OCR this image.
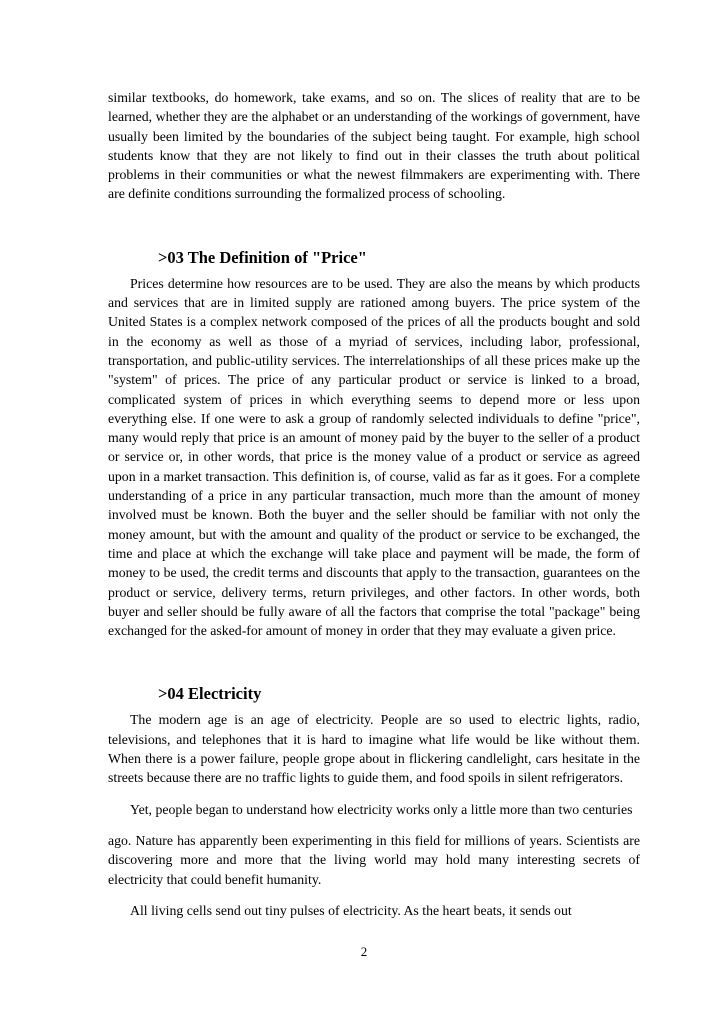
similar textbooks, do homework, take exams, and so on. The slices of reality that are to be learned, whether they are the alphabet or an understanding of the workings of government, have usually been limited by the boundaries of the subject being taught. For example, high school students know that they are not likely to find out in their classes the truth about political problems in their communities or what the newest filmmakers are experimenting with. There are definite conditions surrounding the formalized process of schooling.

>03 The Definition of "Price"

Prices determine how resources are to be used. They are also the means by which products and services that are in limited supply are rationed among buyers. The price system of the United States is a complex network composed of the prices of all the products bought and sold in the economy as well as those of a myriad of services, including labor, professional, transportation, and public-utility services. The interrelationships of all these prices make up the "system" of prices. The price of any particular product or service is linked to a broad, complicated system of prices in which everything seems to depend more or less upon everything else. If one were to ask a group of randomly selected individuals to define "price", many would reply that price is an amount of money paid by the buyer to the seller of a product or service or, in other words, that price is the money value of a product or service as agreed upon in a market transaction. This definition is, of course, valid as far as it goes. For a complete understanding of a price in any particular transaction, much more than the amount of money involved must be known. Both the buyer and the seller should be familiar with not only the money amount, but with the amount and quality of the product or service to be exchanged, the time and place at which the exchange will take place and payment will be made, the form of money to be used, the credit terms and discounts that apply to the transaction, guarantees on the product or service, delivery terms, return privileges, and other factors. In other words, both buyer and seller should be fully aware of all the factors that comprise the total "package" being exchanged for the asked-for amount of money in order that they may evaluate a given price.

>04 Electricity

The modern age is an age of electricity. People are so used to electric lights, radio, televisions, and telephones that it is hard to imagine what life would be like without them. When there is a power failure, people grope about in flickering candlelight, cars hesitate in the streets because there are no traffic lights to guide them, and food spoils in silent refrigerators.

Yet, people began to understand how electricity works only a little more than two centuries

ago. Nature has apparently been experimenting in this field for millions of years. Scientists are discovering more and more that the living world may hold many interesting secrets of electricity that could benefit humanity.

All living cells send out tiny pulses of electricity. As the heart beats, it sends out

2
